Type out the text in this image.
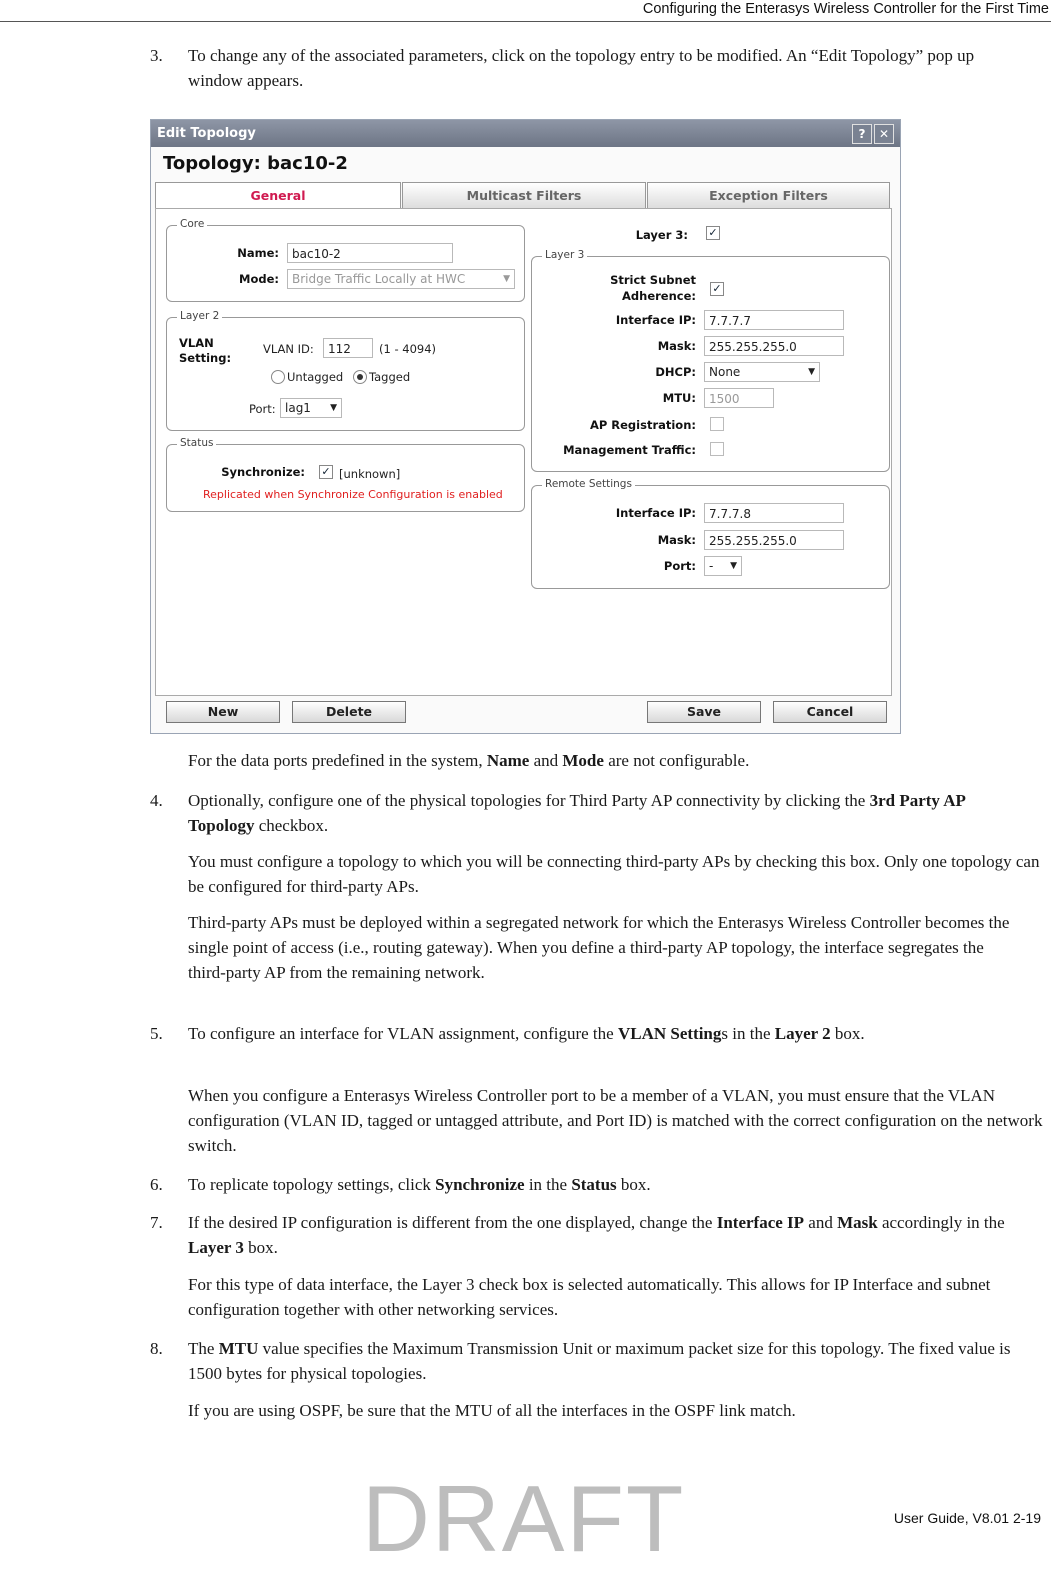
Configuring the Enterasys Wireless Controller for the First Time
3. To change any of the associated parameters, click on the topology entry to be modified. An “Edit Topology” pop up window appears.

Edit Topology	?	✕
Topology: bac10-2
General	Multicast Filters	Exception Filters
Core
Name:	bac10-2
Mode:	Bridge Traffic Locally at HWC	▼
Layer 2
VLAN
Setting:
VLAN ID:	112	(1 - 4094)
Untagged Tagged
Port: lag1 ▼
Status
Synchronize: ✓ [unknown]
Replicated when Synchronize Configuration is enabled
Layer 3: ✓
Layer 3
Strict Subnet
Adherence:
✓
Interface IP:	7.7.7.7
Mask:	255.255.255.0
DHCP:	None	▼
MTU:	1500
AP Registration:
Management Traffic:
Remote Settings
Interface IP:	7.7.7.8
Mask:	255.255.255.0
Port:	- ▼
New	Delete	Save	Cancel

For the data ports predefined in the system, Name and Mode are not configurable.

4. Optionally, configure one of the physical topologies for Third Party AP connectivity by clicking the 3rd Party AP Topology checkbox.

You must configure a topology to which you will be connecting third-party APs by checking this box. Only one topology can be configured for third-party APs.

Third-party APs must be deployed within a segregated network for which the Enterasys Wireless Controller becomes the single point of access (i.e., routing gateway). When you define a third-party AP topology, the interface segregates the third-party AP from the remaining network.

5. To configure an interface for VLAN assignment, configure the VLAN Settings in the Layer 2 box.

When you configure a Enterasys Wireless Controller port to be a member of a VLAN, you must ensure that the VLAN configuration (VLAN ID, tagged or untagged attribute, and Port ID) is matched with the correct configuration on the network switch.

6. To replicate topology settings, click Synchronize in the Status box.

7. If the desired IP configuration is different from the one displayed, change the Interface IP and Mask accordingly in the Layer 3 box.

For this type of data interface, the Layer 3 check box is selected automatically. This allows for IP Interface and subnet configuration together with other networking services.

8. The MTU value specifies the Maximum Transmission Unit or maximum packet size for this topology. The fixed value is 1500 bytes for physical topologies.

If you are using OSPF, be sure that the MTU of all the interfaces in the OSPF link match.

User Guide, V8.01 2-19
DRAFT
